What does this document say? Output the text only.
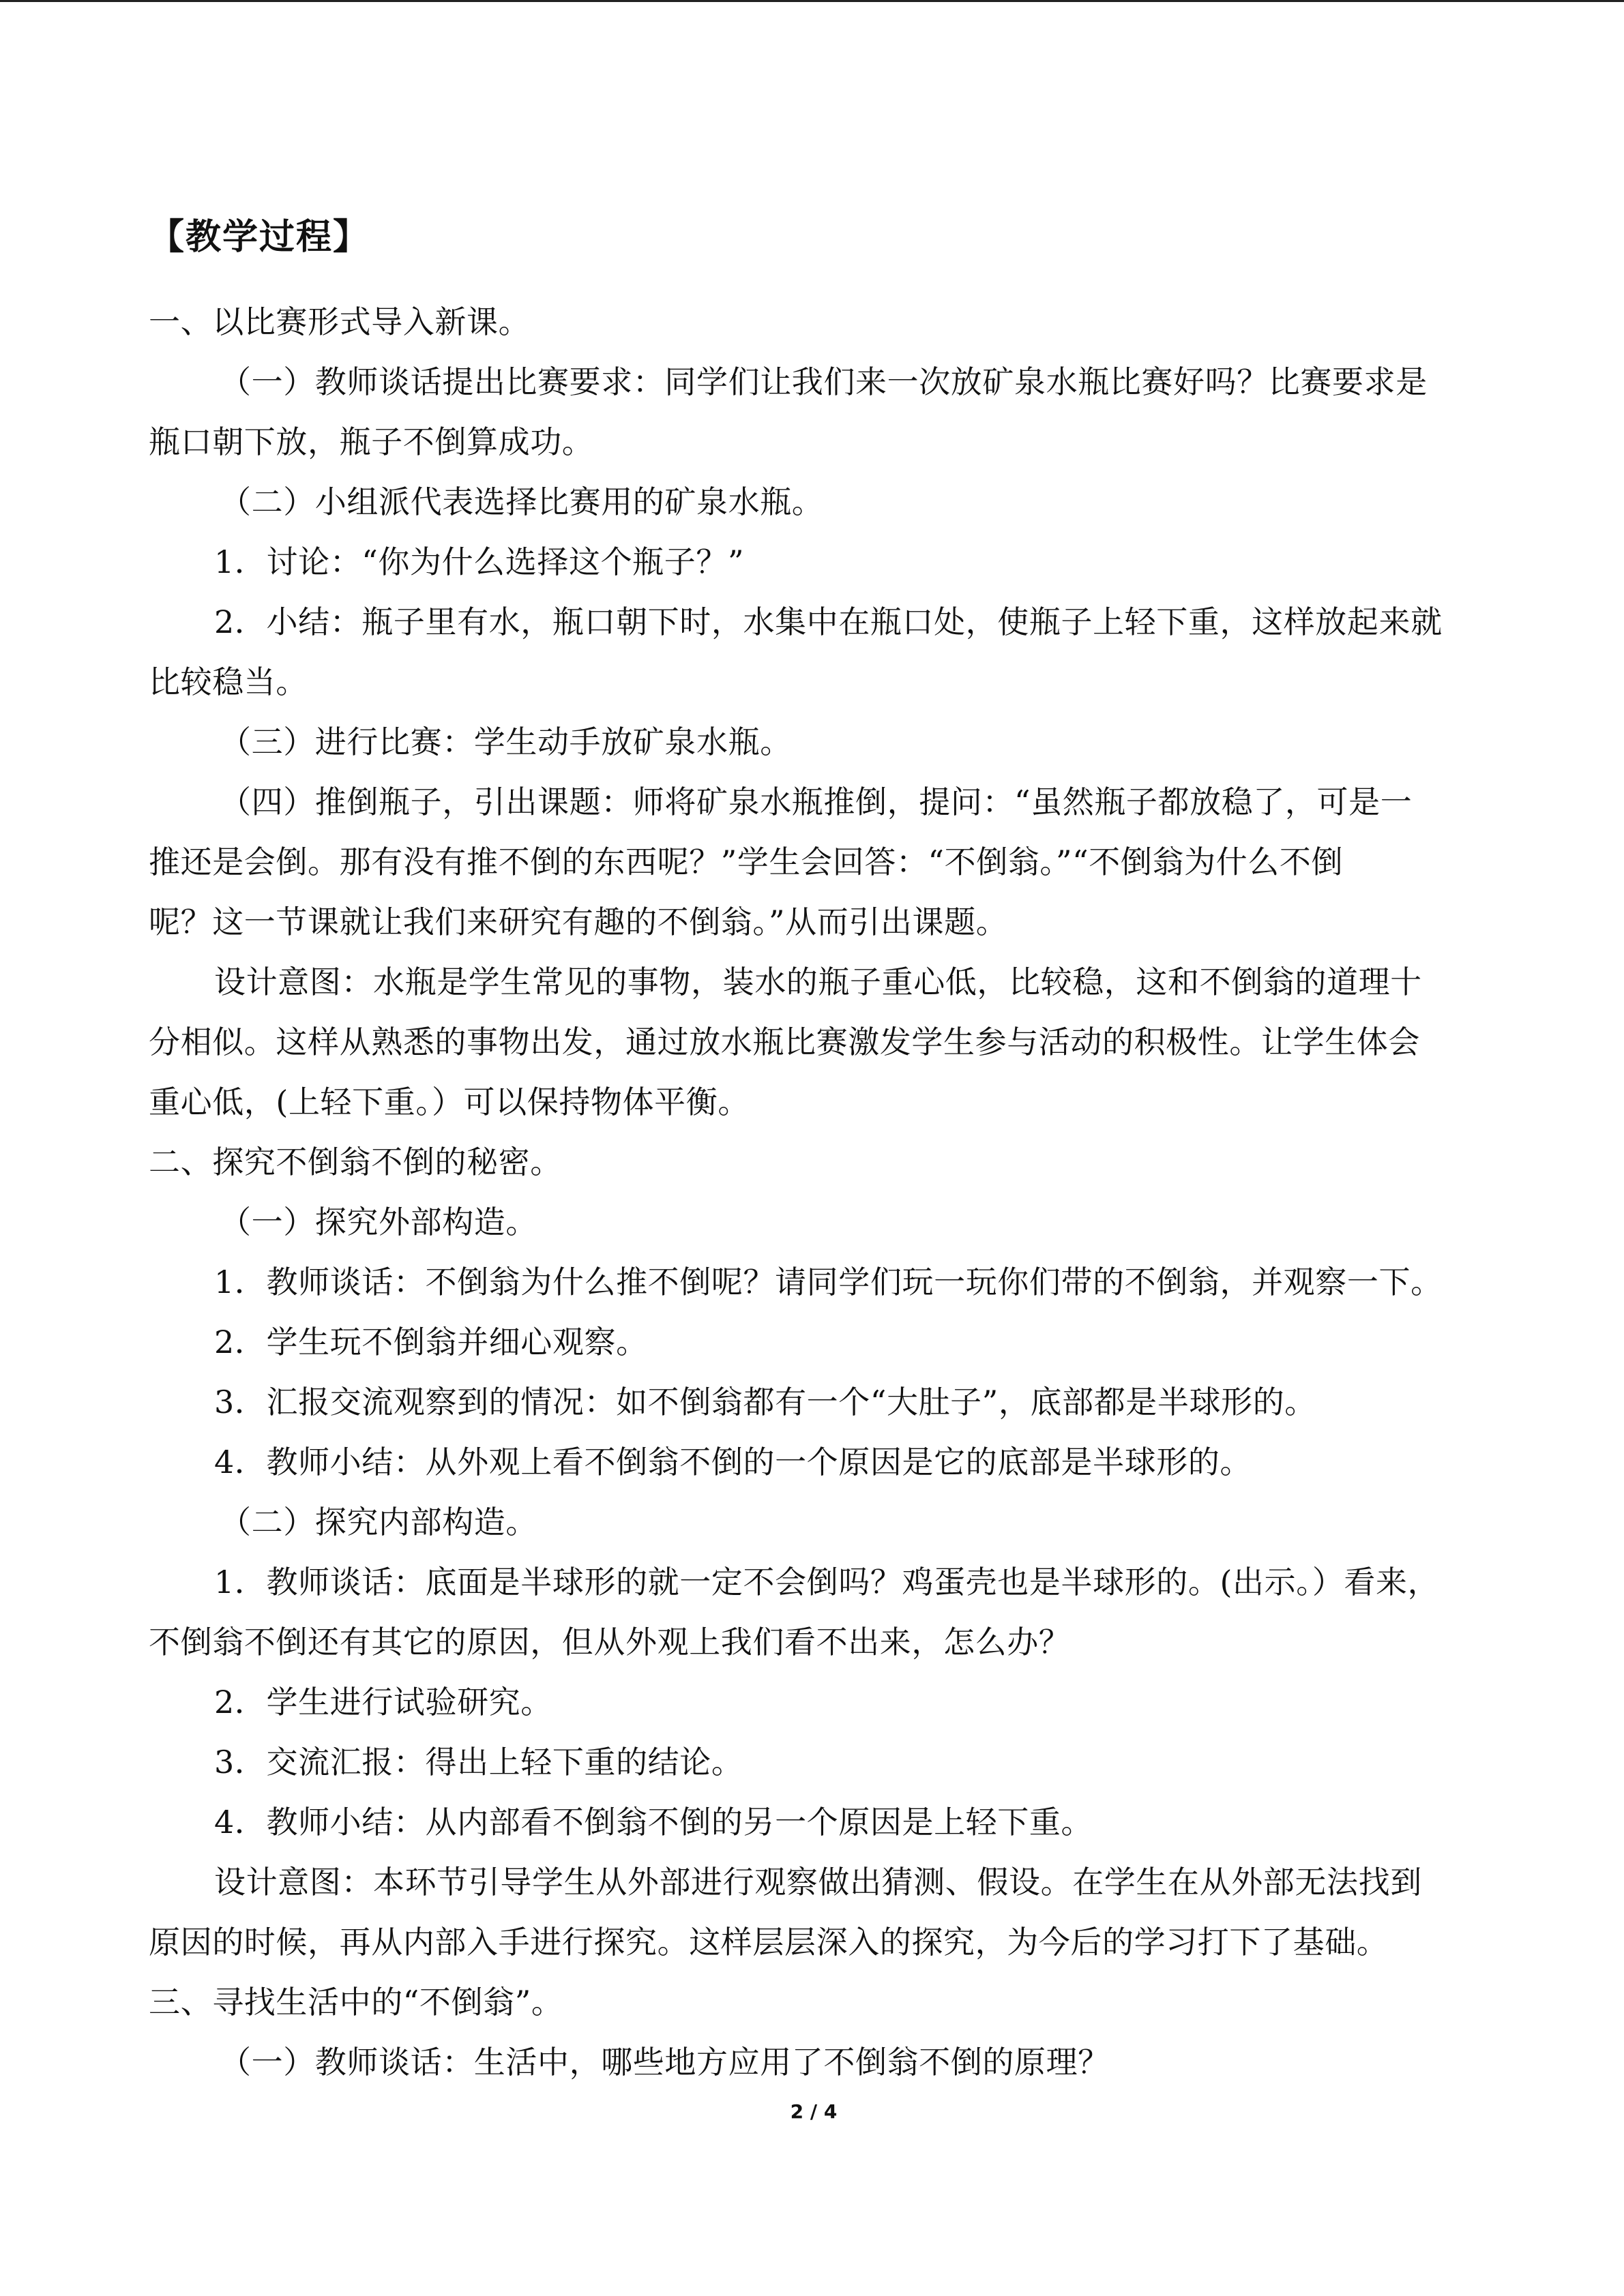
【教学过程】
一、以比赛形式导入新课。
（一）教师谈话提出比赛要求：同学们让我们来一次放矿泉水瓶比赛好吗？比赛要求是
瓶口朝下放，瓶子不倒算成功。
（二）小组派代表选择比赛用的矿泉水瓶。
1．讨论：“你为什么选择这个瓶子？”
2．小结：瓶子里有水，瓶口朝下时，水集中在瓶口处，使瓶子上轻下重，这样放起来就
比较稳当。
（三）进行比赛：学生动手放矿泉水瓶。
（四）推倒瓶子，引出课题：师将矿泉水瓶推倒，提问：“虽然瓶子都放稳了，可是一
推还是会倒。那有没有推不倒的东西呢？”学生会回答：“不倒翁。”“不倒翁为什么不倒
呢？这一节课就让我们来研究有趣的不倒翁。”从而引出课题。
设计意图：水瓶是学生常见的事物，装水的瓶子重心低，比较稳，这和不倒翁的道理十
分相似。这样从熟悉的事物出发，通过放水瓶比赛激发学生参与活动的积极性。让学生体会
重心低，(上轻下重。）可以保持物体平衡。
二、探究不倒翁不倒的秘密。
（一）探究外部构造。
1．教师谈话：不倒翁为什么推不倒呢？请同学们玩一玩你们带的不倒翁，并观察一下。
2．学生玩不倒翁并细心观察。
3．汇报交流观察到的情况：如不倒翁都有一个“大肚子”，底部都是半球形的。
4．教师小结：从外观上看不倒翁不倒的一个原因是它的底部是半球形的。
（二）探究内部构造。
1．教师谈话：底面是半球形的就一定不会倒吗？鸡蛋壳也是半球形的。(出示。）看来，
不倒翁不倒还有其它的原因，但从外观上我们看不出来，怎么办？
2．学生进行试验研究。
3．交流汇报：得出上轻下重的结论。
4．教师小结：从内部看不倒翁不倒的另一个原因是上轻下重。
设计意图：本环节引导学生从外部进行观察做出猜测、假设。在学生在从外部无法找到
原因的时候，再从内部入手进行探究。这样层层深入的探究，为今后的学习打下了基础。
三、寻找生活中的“不倒翁”。
（一）教师谈话：生活中，哪些地方应用了不倒翁不倒的原理？
2 / 4
